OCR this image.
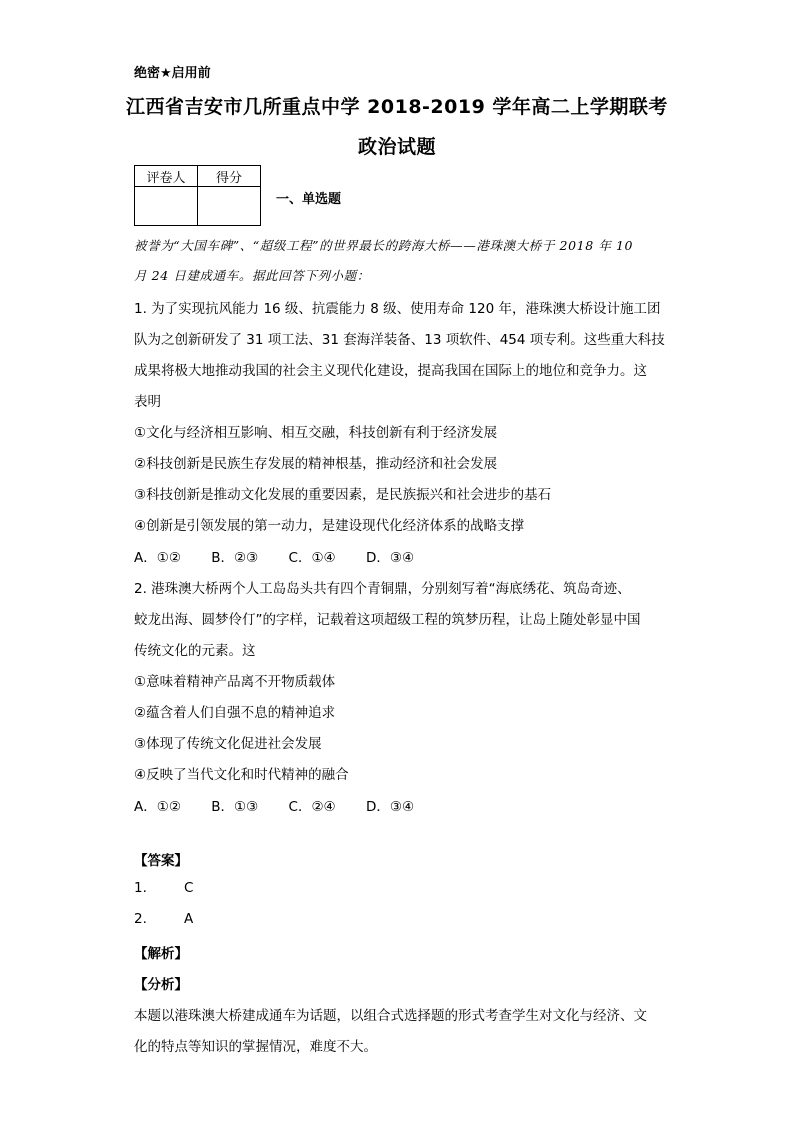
绝密★启用前
江西省吉安市几所重点中学 2018-2019 学年高二上学期联考
政治试题
评卷人	得分

一、单选题
被誉为“大国车碑”、“超级工程”的世界最长的跨海大桥——港珠澳大桥于 2018 年 10
月 24 日建成通车。据此回答下列小题：
1. 为了实现抗风能力 16 级、抗震能力 8 级、使用寿命 120 年，港珠澳大桥设计施工团
队为之创新研发了 31 项工法、31 套海洋装备、13 项软件、454 项专利。这些重大科技
成果将极大地推动我国的社会主义现代化建设，提高我国在国际上的地位和竞争力。这
表明
①文化与经济相互影响、相互交融，科技创新有利于经济发展
②科技创新是民族生存发展的精神根基，推动经济和社会发展
③科技创新是推动文化发展的重要因素，是民族振兴和社会进步的基石
④创新是引领发展的第一动力，是建设现代化经济体系的战略支撑
A．①② B．②③ C．①④ D．③④
2. 港珠澳大桥两个人工岛岛头共有四个青铜鼎，分别刻写着“海底绣花、筑岛奇迹、
蛟龙出海、圆梦伶仃”的字样，记载着这项超级工程的筑梦历程，让岛上随处彰显中国
传统文化的元素。这
①意味着精神产品离不开物质载体
②蕴含着人们自强不息的精神追求
③体现了传统文化促进社会发展
④反映了当代文化和时代精神的融合
A．①② B．①③ C．②④ D．③④
【答案】
1.	C
2.	A
【解析】
【分析】
本题以港珠澳大桥建成通车为话题，以组合式选择题的形式考查学生对文化与经济、文
化的特点等知识的掌握情况，难度不大。
